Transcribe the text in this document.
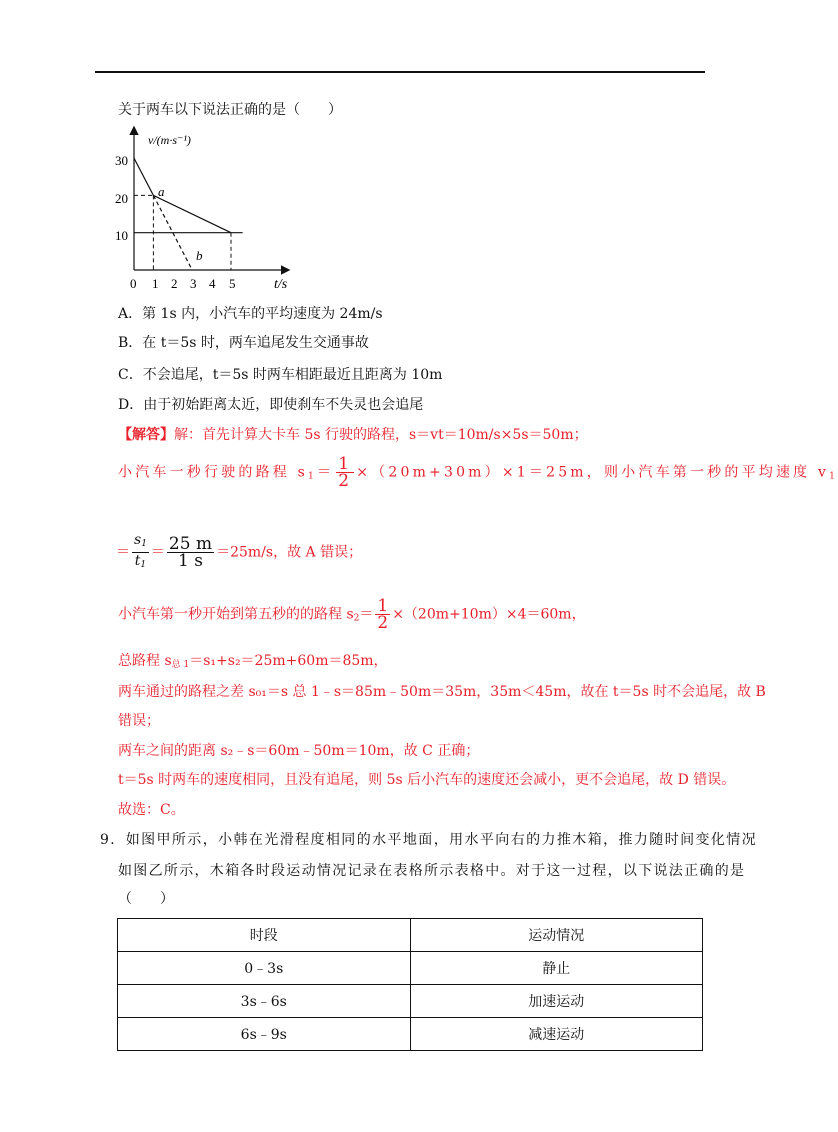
关于两车以下说法正确的是（　　）
v/(m·s⁻¹)
t/s
30
20
10
0 1 2 3 4 5
a
b
A．第 1s 内，小汽车的平均速度为 24m/s
B．在 t＝5s 时，两车追尾发生交通事故
C．不会追尾，t＝5s 时两车相距最近且距离为 10m
D．由于初始距离太近，即使刹车不失灵也会追尾
【解答】解：首先计算大卡车 5s 行驶的路程，s＝vt＝10m/s×5s＝50m；
小汽车一秒行驶的路程 $s_1= \frac{1}{2} \times(20m+30m)\times 1=25m$，则小汽车第一秒的平均速度 $v_1$
＝ $\frac{s_1}{t_1} = \frac{25 m}{1 s} =25m/s$，故 A 错误；
小汽车第一秒开始到第五秒的的路程 $s_2= \frac{1}{2} \times(20m+10m)\times 4=60m$，
总路程 $s_{总 1}=s_1+s_2=25m+60m=85m$，
两车通过的路程之差 s₀₁＝s 总 1﹣s＝85m﹣50m＝35m，35m＜45m，故在 t＝5s 时不会追尾，故 B
错误；
两车之间的距离 s₂﹣s＝60m﹣50m＝10m，故 C 正确；
t＝5s 时两车的速度相同，且没有追尾，则 5s 后小汽车的速度还会减小，更不会追尾，故 D 错误。
故选：C。
9．如图甲所示，小韩在光滑程度相同的水平地面，用水平向右的力推木箱，推力随时间变化情况
如图乙所示，木箱各时段运动情况记录在表格所示表格中。对于这一过程，以下说法正确的是
（　　）
时段	运动情况
0﹣3s	静止
3s﹣6s	加速运动
6s﹣9s	减速运动
